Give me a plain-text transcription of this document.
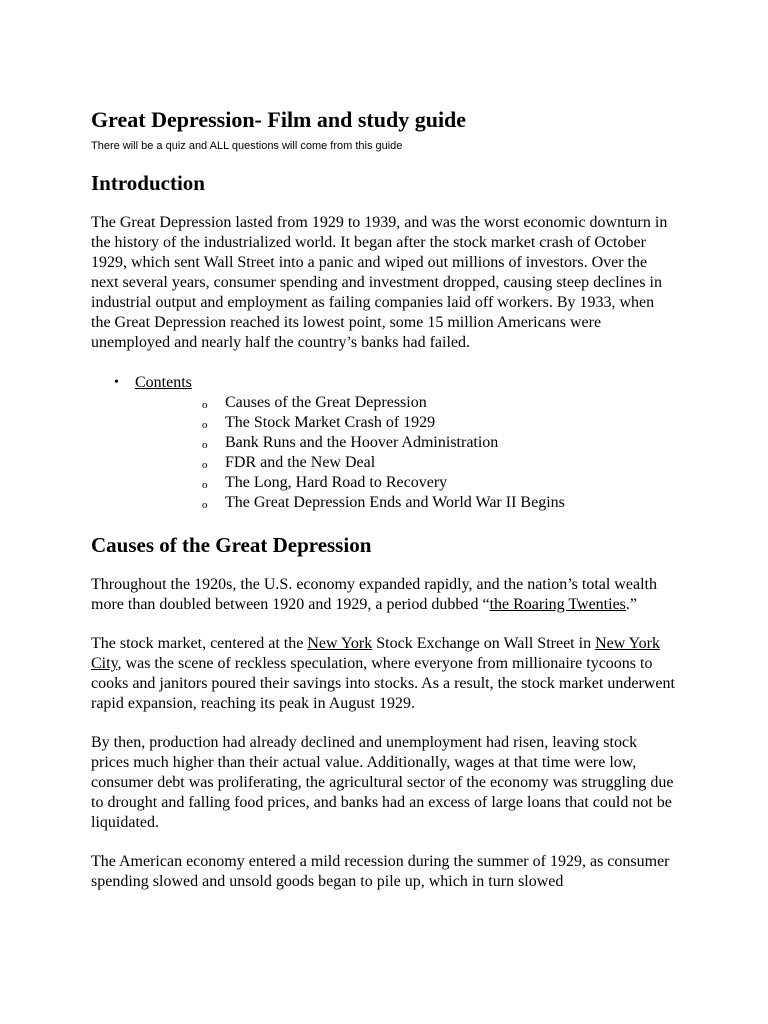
Great Depression- Film and study guide

There will be a quiz and ALL questions will come from this guide

Introduction

The Great Depression lasted from 1929 to 1939, and was the worst economic downturn in the history of the industrialized world. It began after the stock market crash of October 1929, which sent Wall Street into a panic and wiped out millions of investors. Over the next several years, consumer spending and investment dropped, causing steep declines in industrial output and employment as failing companies laid off workers. By 1933, when the Great Depression reached its lowest point, some 15 million Americans were unemployed and nearly half the country’s banks had failed.

• Contents
o Causes of the Great Depression
o The Stock Market Crash of 1929
o Bank Runs and the Hoover Administration
o FDR and the New Deal
o The Long, Hard Road to Recovery
o The Great Depression Ends and World War II Begins
Causes of the Great Depression

Throughout the 1920s, the U.S. economy expanded rapidly, and the nation’s total wealth more than doubled between 1920 and 1929, a period dubbed “the Roaring Twenties.”

The stock market, centered at the New York Stock Exchange on Wall Street in New York City, was the scene of reckless speculation, where everyone from millionaire tycoons to cooks and janitors poured their savings into stocks. As a result, the stock market underwent rapid expansion, reaching its peak in August 1929.

By then, production had already declined and unemployment had risen, leaving stock prices much higher than their actual value. Additionally, wages at that time were low, consumer debt was proliferating, the agricultural sector of the economy was struggling due to drought and falling food prices, and banks had an excess of large loans that could not be liquidated.

The American economy entered a mild recession during the summer of 1929, as consumer spending slowed and unsold goods began to pile up, which in turn slowed
